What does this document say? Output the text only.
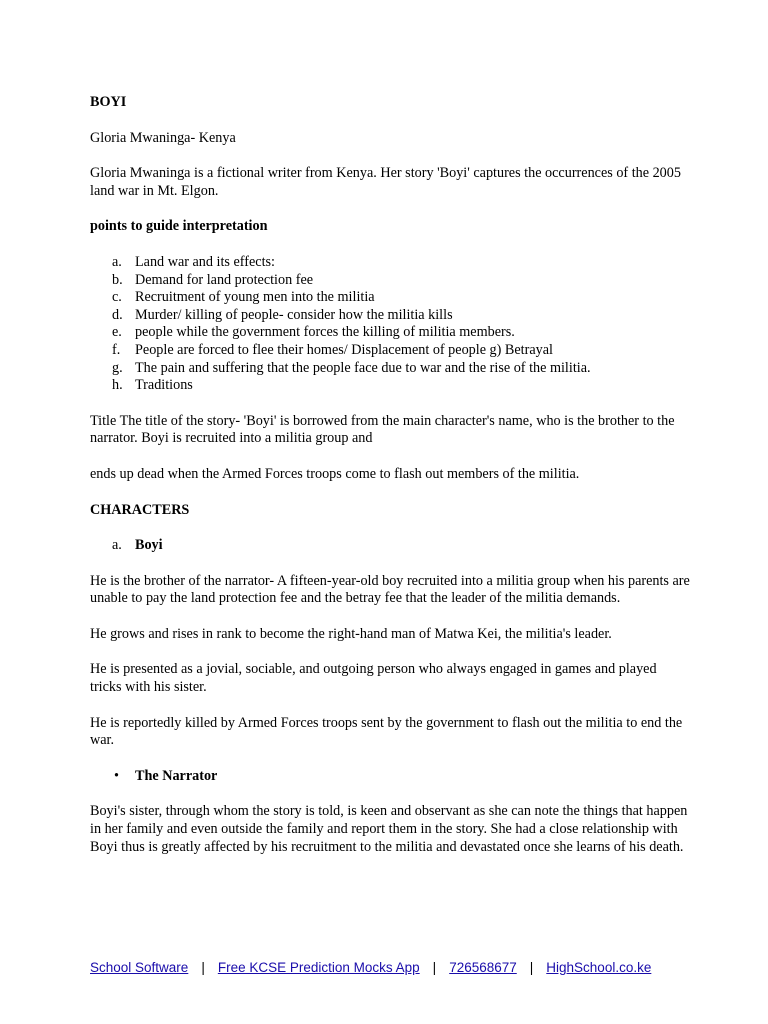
BOYI
Gloria Mwaninga- Kenya
Gloria Mwaninga is a fictional writer from Kenya. Her story 'Boyi' captures the occurrences of the 2005 land war in Mt. Elgon.
points to guide interpretation
a. Land war and its effects:
b. Demand for land protection fee
c. Recruitment of young men into the militia
d. Murder/ killing of people- consider how the militia kills
e. people while the government forces the killing of militia members.
f.	People are forced to flee their homes/ Displacement of people g) Betrayal
g. The pain and suffering that the people face due to war and the rise of the militia.
h. Traditions
Title The title of the story- 'Boyi' is borrowed from the main character's name, who is the brother to the narrator. Boyi is recruited into a militia group and
ends up dead when the Armed Forces troops come to flash out members of the militia.
CHARACTERS
a. Boyi
He is the brother of the narrator- A fifteen-year-old boy recruited into a militia group when his parents are unable to pay the land protection fee and the betray fee that the leader of the militia demands.
He grows and rises in rank to become the right-hand man of Matwa Kei, the militia's leader.
He is presented as a jovial, sociable, and outgoing person who always engaged in games and played tricks with his sister.
He is reportedly killed by Armed Forces troops sent by the government to flash out the militia to end the war.
•	The Narrator
Boyi's sister, through whom the story is told, is keen and observant as she can note the things that happen in her family and even outside the family and report them in the story. She had a close relationship with Boyi thus is greatly affected by his recruitment to the militia and devastated once she learns of his death.
School Software | Free KCSE Prediction Mocks App | 726568677 | HighSchool.co.ke
